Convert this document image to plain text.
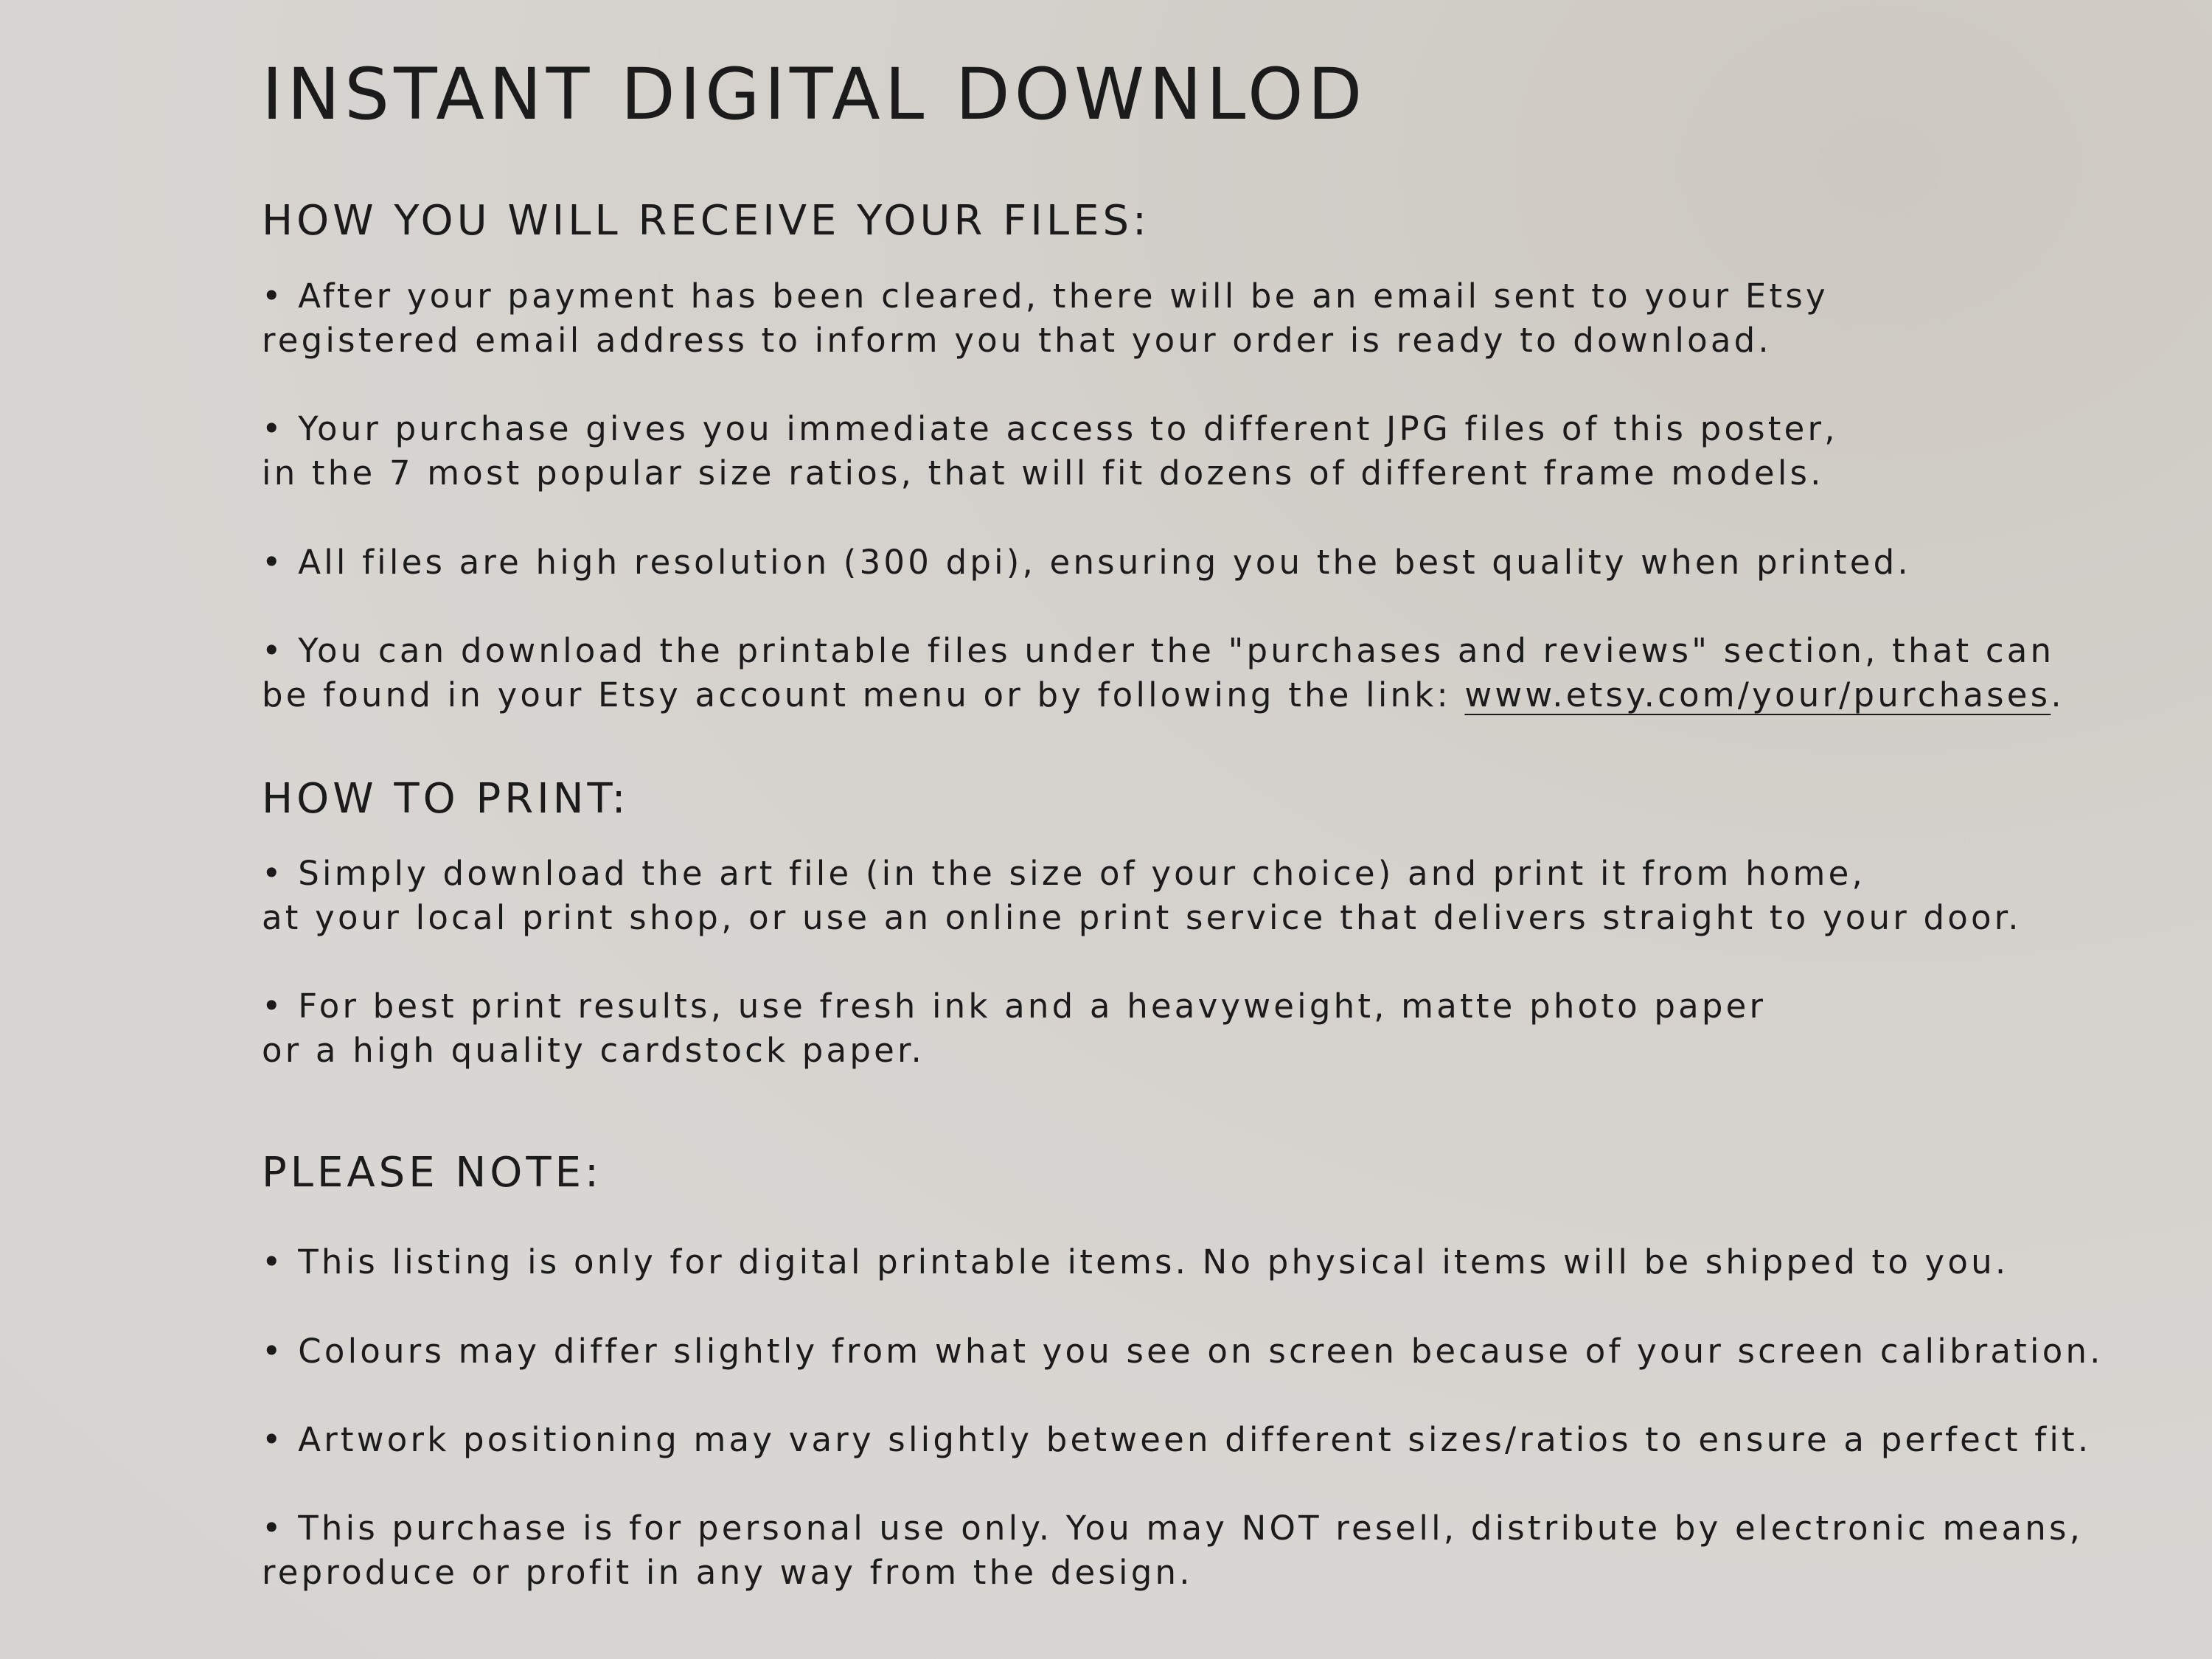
INSTANT DIGITAL DOWNLOD
HOW YOU WILL RECEIVE YOUR FILES:

• After your payment has been cleared, there will be an email sent to your Etsy
registered email address to inform you that your order is ready to download.

• Your purchase gives you immediate access to different JPG files of this poster,
in the 7 most popular size ratios, that will fit dozens of different frame models.

• All files are high resolution (300 dpi), ensuring you the best quality when printed.

• You can download the printable files under the "purchases and reviews" section, that can
be found in your Etsy account menu or by following the link: www.etsy.com/your/purchases.

HOW TO PRINT:

• Simply download the art file (in the size of your choice) and print it from home,
at your local print shop, or use an online print service that delivers straight to your door.

• For best print results, use fresh ink and a heavyweight, matte photo paper
or a high quality cardstock paper.

PLEASE NOTE:

• This listing is only for digital printable items. No physical items will be shipped to you.

• Colours may differ slightly from what you see on screen because of your screen calibration.

• Artwork positioning may vary slightly between different sizes/ratios to ensure a perfect fit.

• This purchase is for personal use only. You may NOT resell, distribute by electronic means,
reproduce or profit in any way from the design.
